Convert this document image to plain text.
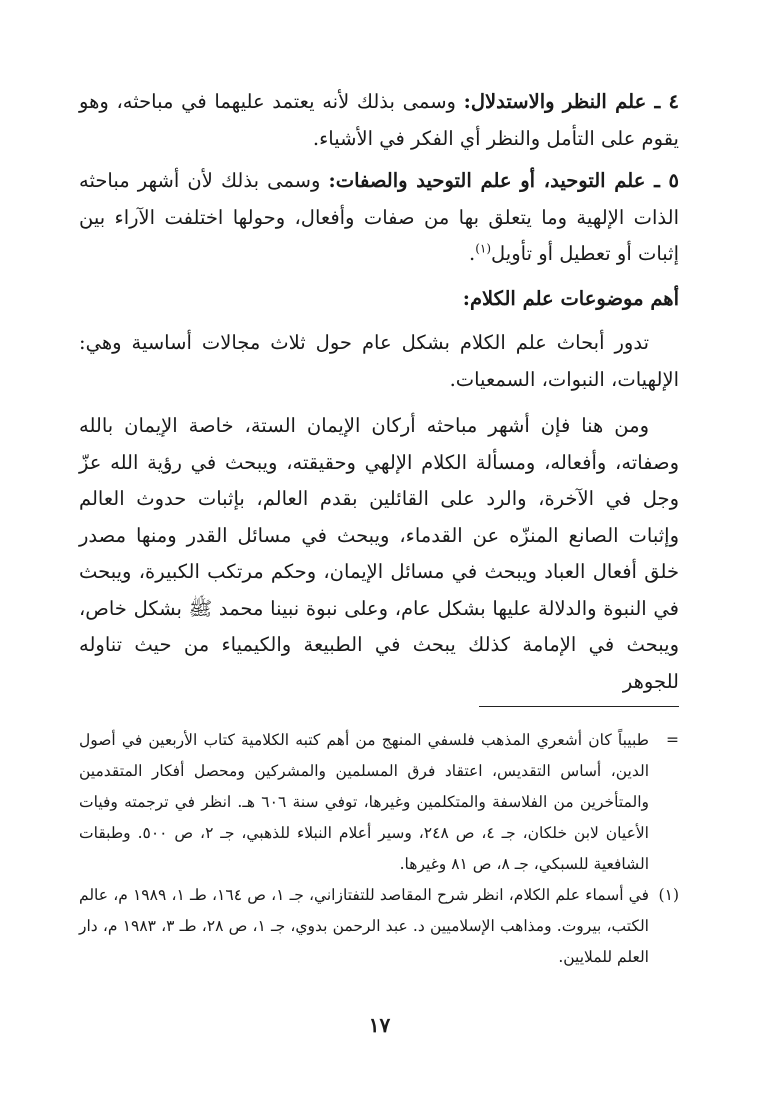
٤ ـ علم النظر والاستدلال: وسمى بذلك لأنه يعتمد عليهما في مباحثه، وهو يقوم على التأمل والنظر أي الفكر في الأشياء.

٥ ـ علم التوحيد، أو علم التوحيد والصفات: وسمى بذلك لأن أشهر مباحثه الذات الإلهية وما يتعلق بها من صفات وأفعال، وحولها اختلفت الآراء بين إثبات أو تعطيل أو تأويل$^{(١)}$.

أهم موضوعات علم الكلام:

تدور أبحاث علم الكلام بشكل عام حول ثلاث مجالات أساسية وهي: الإلهيات، النبوات، السمعيات.

ومن هنا فإن أشهر مباحثه أركان الإيمان الستة، خاصة الإيمان بالله وصفاته، وأفعاله، ومسألة الكلام الإلهي وحقيقته، ويبحث في رؤية الله عزّ وجل في الآخرة، والرد على القائلين بقدم العالم، بإثبات حدوث العالم وإثبات الصانع المنزّه عن القدماء، ويبحث في مسائل القدر ومنها مصدر خلق أفعال العباد ويبحث في مسائل الإيمان، وحكم مرتكب الكبيرة، ويبحث في النبوة والدلالة عليها بشكل عام، وعلى نبوة نبينا محمد ﷺ بشكل خاص، ويبحث في الإمامة كذلك يبحث في الطبيعة والكيمياء من حيث تناوله للجوهر

=
طبيباً كان أشعري المذهب فلسفي المنهج من أهم كتبه الكلامية كتاب الأربعين في أصول الدين، أساس التقديس، اعتقاد فرق المسلمين والمشركين ومحصل أفكار المتقدمين والمتأخرين من الفلاسفة والمتكلمين وغيرها، توفي سنة ٦٠٦ هـ. انظر في ترجمته وفيات الأعيان لابن خلكان، جـ ٤، ص ٢٤٨، وسير أعلام النبلاء للذهبي، جـ ٢، ص ٥٠٠. وطبقات الشافعية للسبكي، جـ ٨، ص ٨١ وغيرها.

(١)
في أسماء علم الكلام، انظر شرح المقاصد للتفتازاني، جـ ١، ص ١٦٤، طـ ١، ١٩٨٩ م، عالم الكتب، بيروت. ومذاهب الإسلاميين د. عبد الرحمن بدوي، جـ ١، ص ٢٨، طـ ٣، ١٩٨٣ م، دار العلم للملايين.

١٧
